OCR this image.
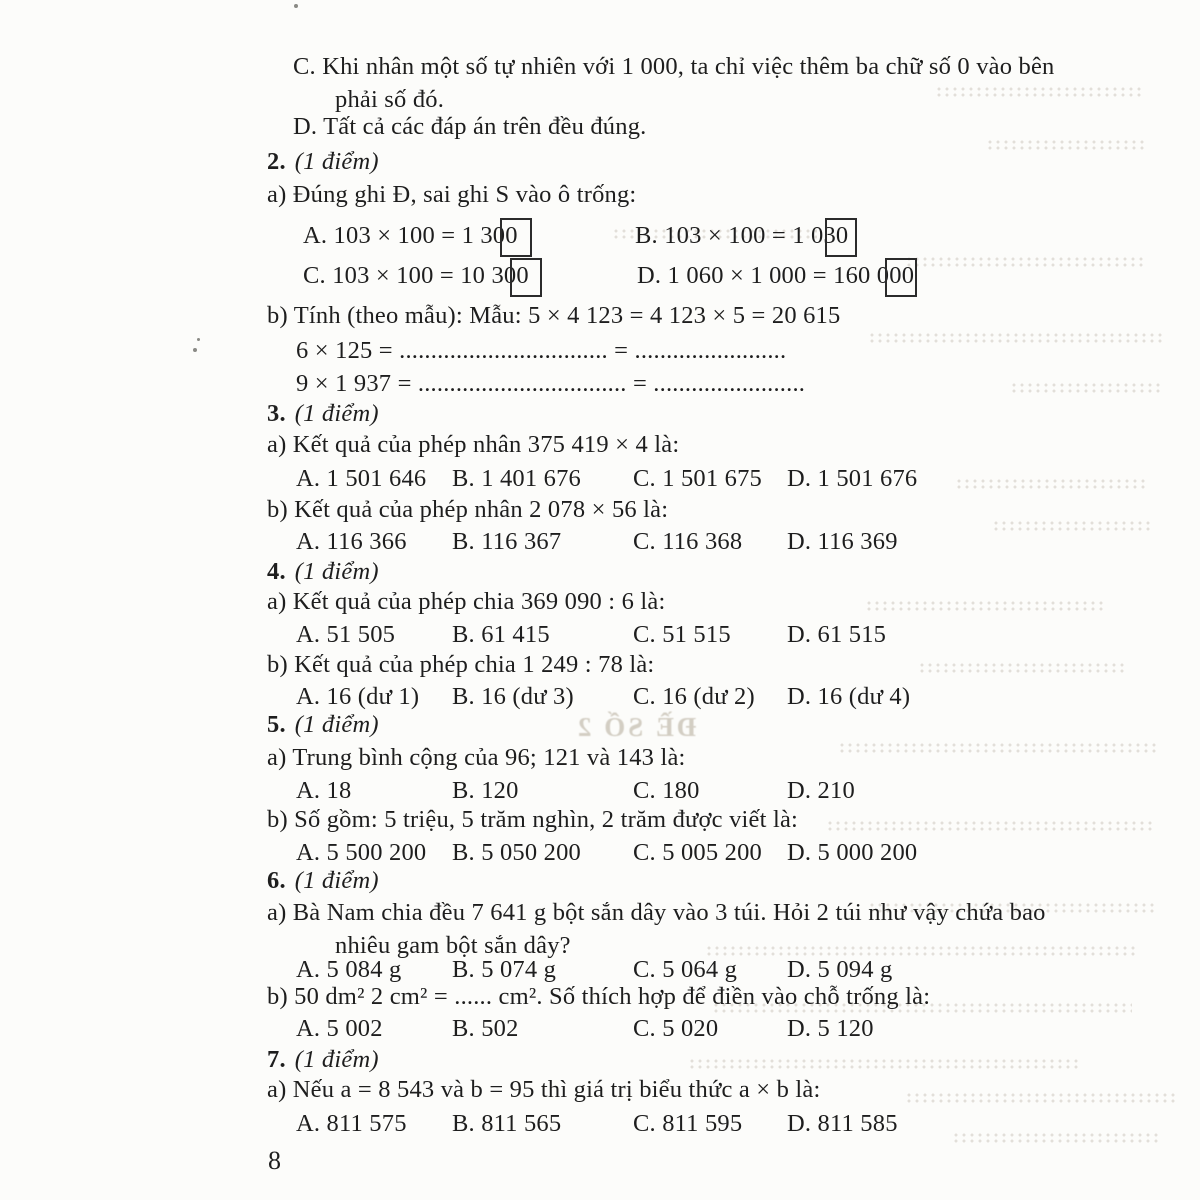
ĐỀ SỐ 2
C. Khi nhân một số tự nhiên với 1 000, ta chỉ việc thêm ba chữ số 0 vào bên
phải số đó.
D. Tất cả các đáp án trên đều đúng.
2. (1 điểm)
a) Đúng ghi Đ, sai ghi S vào ô trống:
A. 103 × 100 = 1 300	B. 103 × 100 = 1 030
C. 103 × 100 = 10 300	D. 1 060 × 1 000 = 160 000
b) Tính (theo mẫu): Mẫu: 5 × 4 123 = 4 123 × 5 = 20 615
6 × 125 = ................................. = ........................
9 × 1 937 = ................................. = ........................
3. (1 điểm)
a) Kết quả của phép nhân 375 419 × 4 là:
A. 1 501 646 B. 1 401 676 C. 1 501 675 D. 1 501 676
b) Kết quả của phép nhân 2 078 × 56 là:
A. 116 366 B. 116 367	C. 116 368 D. 116 369
4. (1 điểm)
a) Kết quả của phép chia 369 090 : 6 là:
A. 51 505 B. 61 415	C. 51 515 D. 61 515
b) Kết quả của phép chia 1 249 : 78 là:
A. 16 (dư 1) B. 16 (dư 3) C. 16 (dư 2) D. 16 (dư 4)
5. (1 điểm)
a) Trung bình cộng của 96; 121 và 143 là:
A. 18	B. 120	C. 180	D. 210
b) Số gồm: 5 triệu, 5 trăm nghìn, 2 trăm được viết là:
A. 5 500 200 B. 5 050 200 C. 5 005 200 D. 5 000 200
6. (1 điểm)
a) Bà Nam chia đều 7 641 g bột sắn dây vào 3 túi. Hỏi 2 túi như vậy chứa bao
nhiêu gam bột sắn dây?
A. 5 084 g B. 5 074 g	C. 5 064 g D. 5 094 g
b) 50 dm² 2 cm² = ...... cm². Số thích hợp để điền vào chỗ trống là:
A. 5 002	B. 502	C. 5 020	D. 5 120
7. (1 điểm)
a) Nếu a = 8 543 và b = 95 thì giá trị biểu thức a × b là:
A. 811 575 B. 811 565	C. 811 595 D. 811 585
8
